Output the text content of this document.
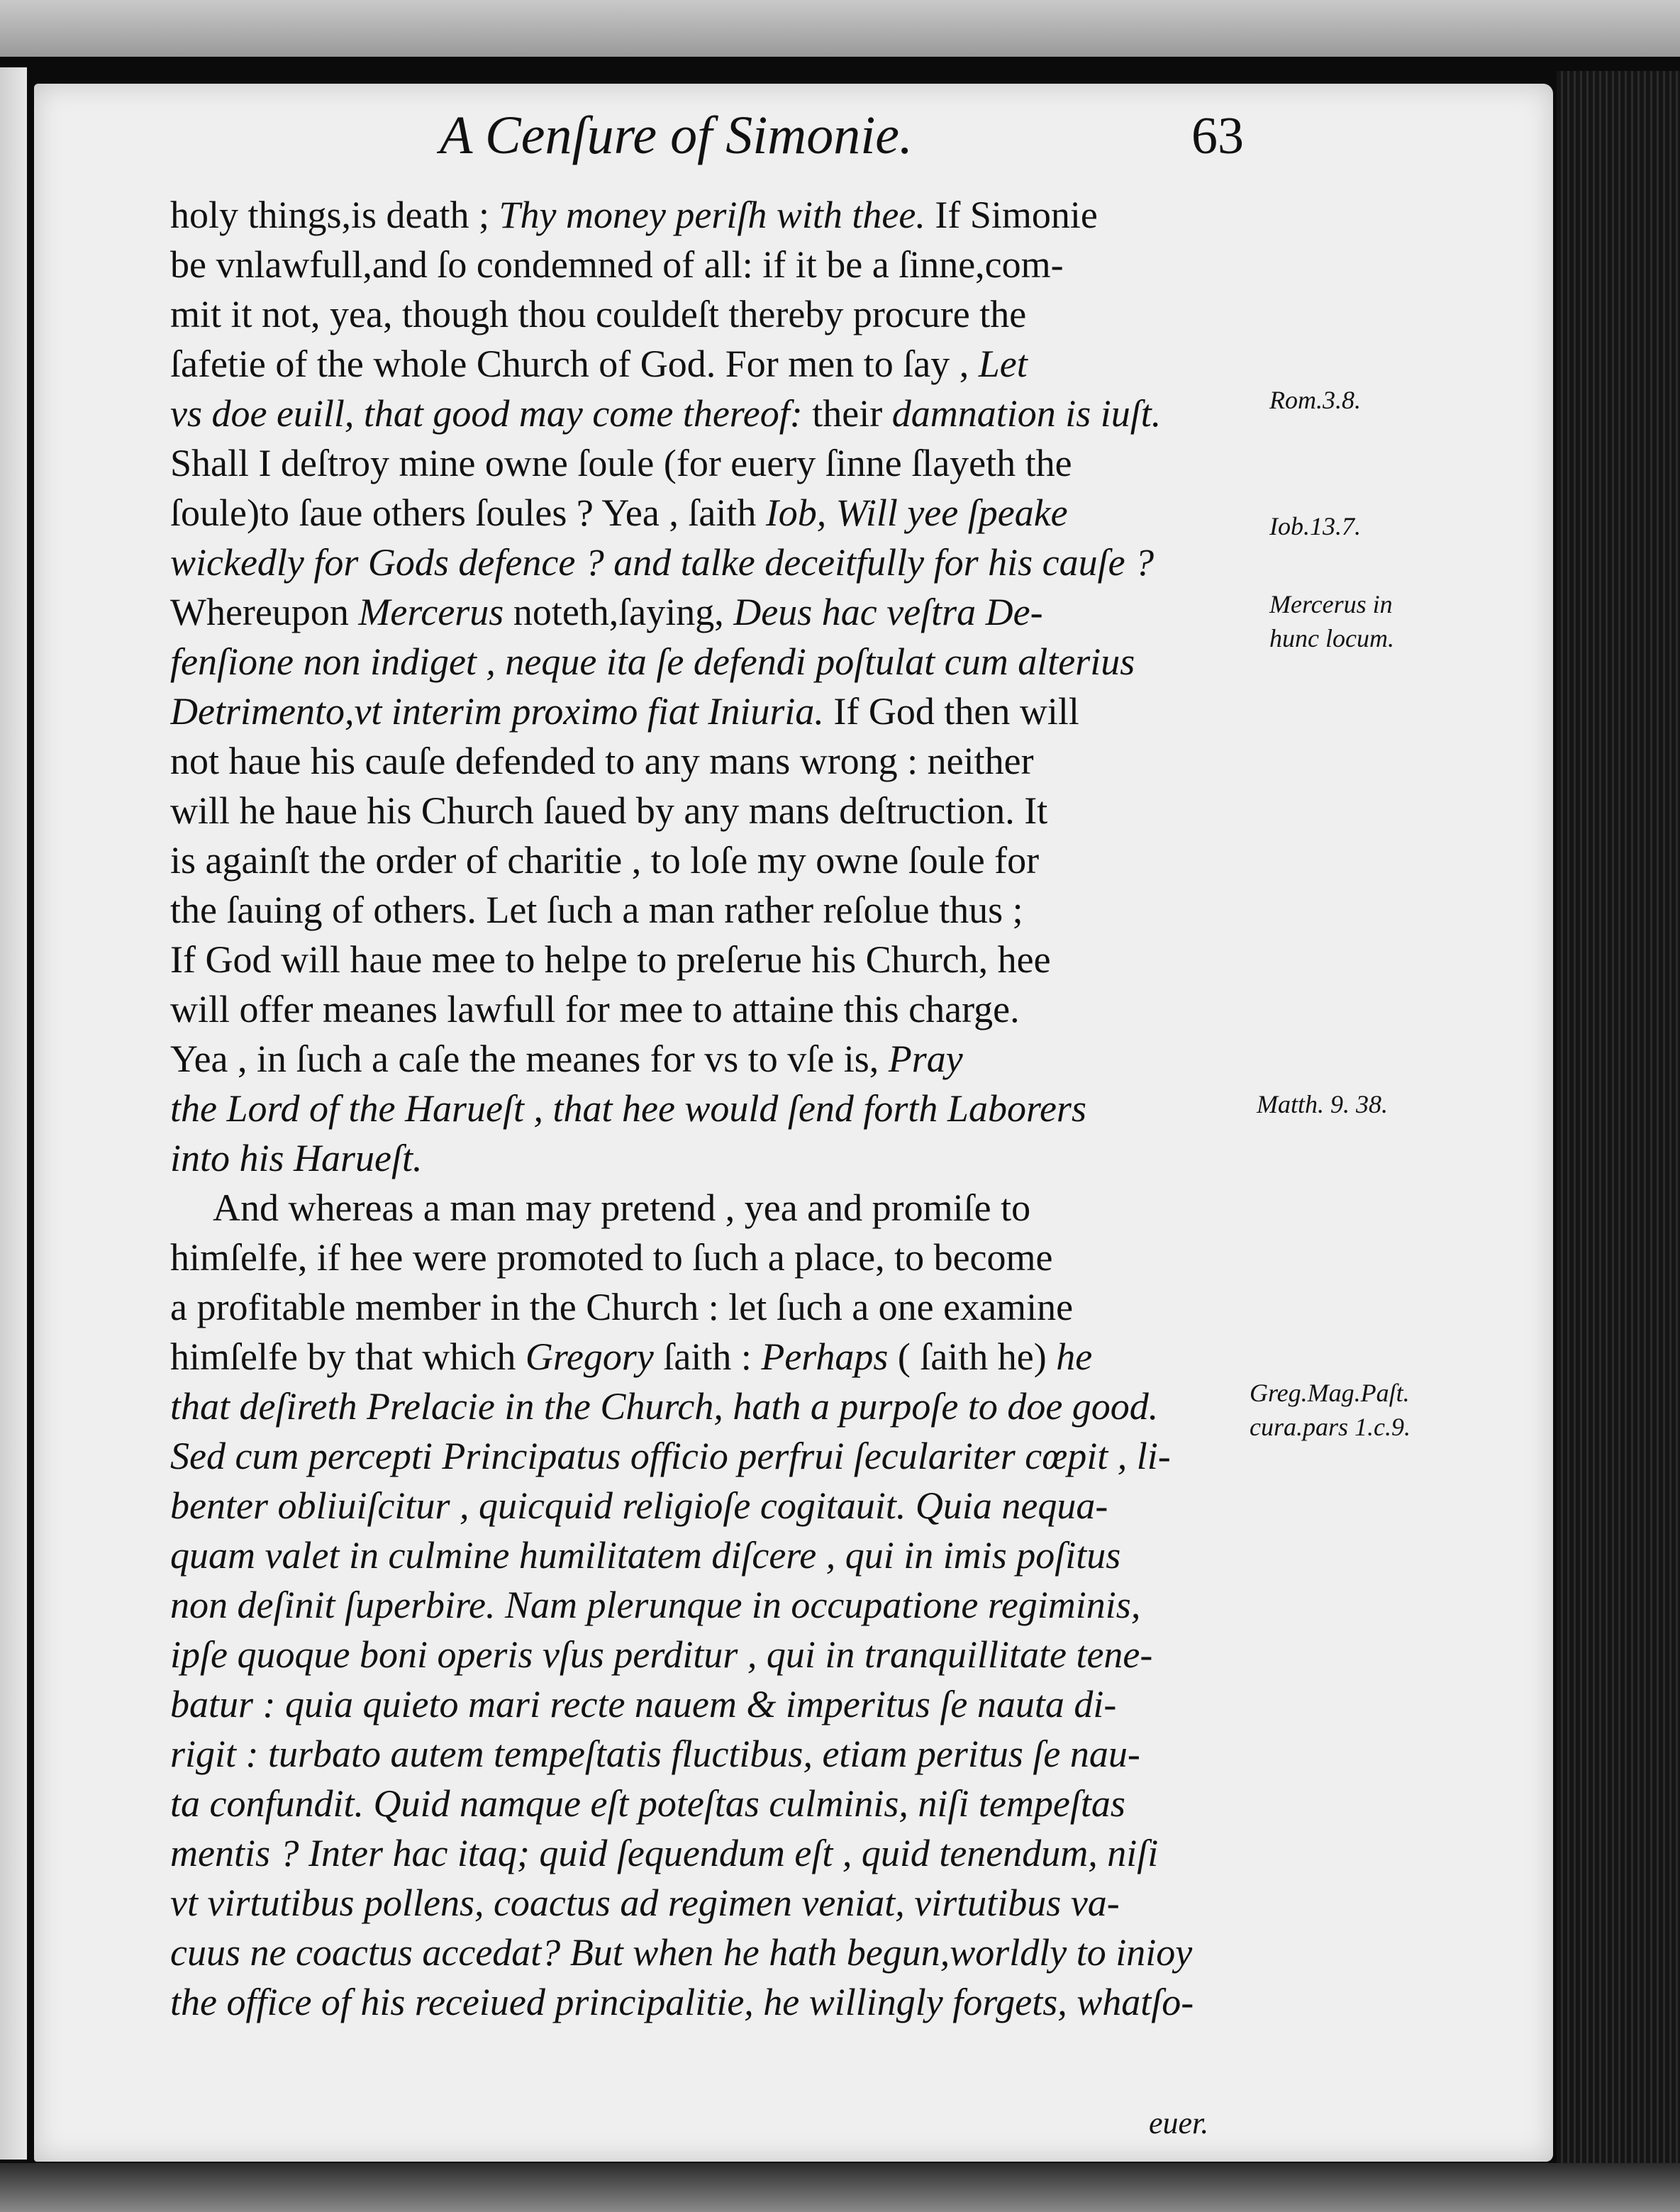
A Cenſure of Simonie.	63
holy things,is death ; Thy money periſh with thee. If Simonie
be vnlawfull,and ſo condemned of all: if it be a ſinne,com-
mit it not, yea, though thou couldeſt thereby procure the
ſafetie of the whole Church of God. For men to ſay , Let
vs doe euill, that good may come thereof: their damnation is iuſt.
Shall I deſtroy mine owne ſoule (for euery ſinne ſlayeth the
ſoule)to ſaue others ſoules ? Yea , ſaith Iob, Will yee ſpeake
wickedly for Gods defence ? and talke deceitfully for his cauſe ?
Whereupon Mercerus noteth,ſaying, Deus hac veſtra De-
fenſione non indiget , neque ita ſe defendi poſtulat cum alterius
Detrimento,vt interim proximo fiat Iniuria. If God then will
not haue his cauſe defended to any mans wrong : neither
will he haue his Church ſaued by any mans deſtruction. It
is againſt the order of charitie , to loſe my owne ſoule for
the ſauing of others. Let ſuch a man rather reſolue thus ;
If God will haue mee to helpe to preſerue his Church, hee
will offer meanes lawfull for mee to attaine this charge.
Yea , in ſuch a caſe the meanes for vs to vſe is, Pray
the Lord of the Harueſt , that hee would ſend forth Laborers
into his Harueſt.
And whereas a man may pretend , yea and promiſe to
himſelfe, if hee were promoted to ſuch a place, to become
a profitable member in the Church : let ſuch a one examine
himſelfe by that which Gregory ſaith : Perhaps ( ſaith he) he
that deſireth Prelacie in the Church, hath a purpoſe to doe good.
Sed cum percepti Principatus officio perfrui ſeculariter cœpit , li-
benter obliuiſcitur , quicquid religioſe cogitauit. Quia nequa-
quam valet in culmine humilitatem diſcere , qui in imis poſitus
non deſinit ſuperbire. Nam plerunque in occupatione regiminis,
ipſe quoque boni operis vſus perditur , qui in tranquillitate tene-
batur : quia quieto mari recte nauem & imperitus ſe nauta di-
rigit : turbato autem tempeſtatis fluctibus, etiam peritus ſe nau-
ta confundit. Quid namque eſt poteſtas culminis, niſi tempeſtas
mentis ? Inter hac itaq; quid ſequendum eſt , quid tenendum, niſi
vt virtutibus pollens, coactus ad regimen veniat, virtutibus va-
cuus ne coactus accedat? But when he hath begun,worldly to inioy
the office of his receiued principalitie, he willingly forgets, whatſo-
Rom.3.8.
Iob.13.7.
Mercerus in
hunc locum.
Matth. 9. 38.
Greg.Mag.Paſt.
cura.pars 1.c.9.
euer.
